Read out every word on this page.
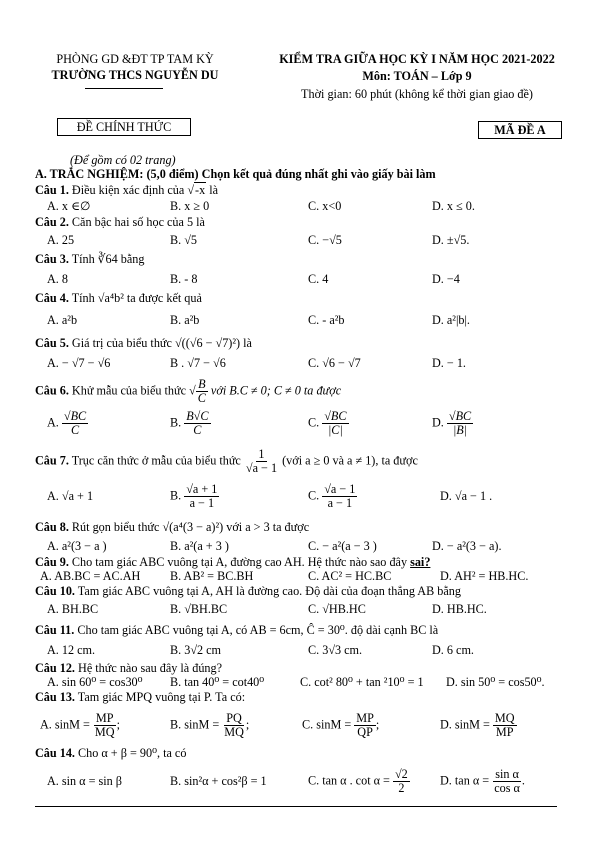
PHÒNG GD &ĐT TP TAM KỲ
TRƯỜNG THCS NGUYỄN DU
KIỂM TRA GIỮA HỌC KỲ I NĂM HỌC 2021-2022
Môn: TOÁN – Lớp 9
Thời gian: 60 phút (không kể thời gian giao đề)
ĐỀ CHÍNH THỨC	MÃ ĐỀ A
(Để gồm có 02 trang)
A. TRẮC NGHIỆM: (5,0 điểm) Chọn kết quả đúng nhất ghi vào giấy bài làm
Câu 1. Điều kiện xác định của √-x là
A. x ∈∅	B. x ≥ 0	C. x<0	D. x ≤ 0.
Câu 2. Căn bậc hai số học của 5 là
A. 25	B. √5	C. −√5	D. ±√5.
Câu 3. Tính ∛64 bằng
A. 8	B. - 8	C. 4	D. −4
Câu 4. Tính √a⁴b² ta được kết quả
A. a²b	B. a²b	C. - a²b	D. a²|b|.
Câu 5. Giá trị của biểu thức √((√6 − √7)²) là
A. − √7 − √6	B . √7 − √6	C. √6 − √7	D. − 1.
Câu 6. Khử mẫu của biểu thức √ $\frac{B}{C}$ với B.C ≠ 0; C ≠ 0 ta được
A. $\frac{√BC}{C}$	B. $\frac{B√C}{C}$	C. $\frac{√BC}{|C|}$	D. $\frac{√BC}{|B|}$
Câu 7. Trục căn thức ở mẫu của biểu thức $\frac{1}{√a - 1}$ (với a ≥ 0 và a ≠ 1), ta được
A. √a + 1	B. $\frac{√a + 1}{a - 1}$	C. $\frac{√a - 1}{a - 1}$	D. √a − 1 .
Câu 8. Rút gọn biểu thức √(a⁴(3 − a)²) với a > 3 ta được
A. a²(3 − a )	B. a²(a + 3 )	C. − a²(a − 3 )	D. − a²(3 − a).
Câu 9. Cho tam giác ABC vuông tại A, đường cao AH. Hệ thức nào sao đây sai?
A. AB.BC = AC.AH B. AB² = BC.BH	C. AC² = HC.BC	D. AH² = HB.HC.
Câu 10. Tam giác ABC vuông tại A, AH là đường cao. Độ dài của đoạn thẳng AB bằng
A. BH.BC	B. √BH.BC	C. √HB.HC	D. HB.HC.
Câu 11. Cho tam giác ABC vuông tại A, có AB = 6cm, Ĉ = 30⁰. độ dài cạnh BC là
A. 12 cm.	B. 3√2 cm	C. 3√3 cm.	D. 6 cm.
Câu 12. Hệ thức nào sau đây là đúng?
A. sin 60⁰ = cos30⁰ B. tan 40⁰ = cot40⁰	C. cot² 80⁰ + tan ²10⁰ = 1 D. sin 50⁰ = cos50⁰.
Câu 13. Tam giác MPQ vuông tại P. Ta có:
A. $\sin M = \frac{MP}{MQ}$ ;	B. $\sin M = \frac{PQ}{MQ}$ ;	C. $\sin M = \frac{MP}{QP}$ ;	D. $\sin M = \frac{MQ}{MP}$
Câu 14. Cho α + β = 90⁰, ta có
A. sin α = sin β	B. sin²α + cos²β = 1	C. tan α . $\cot \alpha = \frac{√2}{2} D$. $\tan \alpha = \frac{\text{sin α}}{\text{cos α}}$ .
